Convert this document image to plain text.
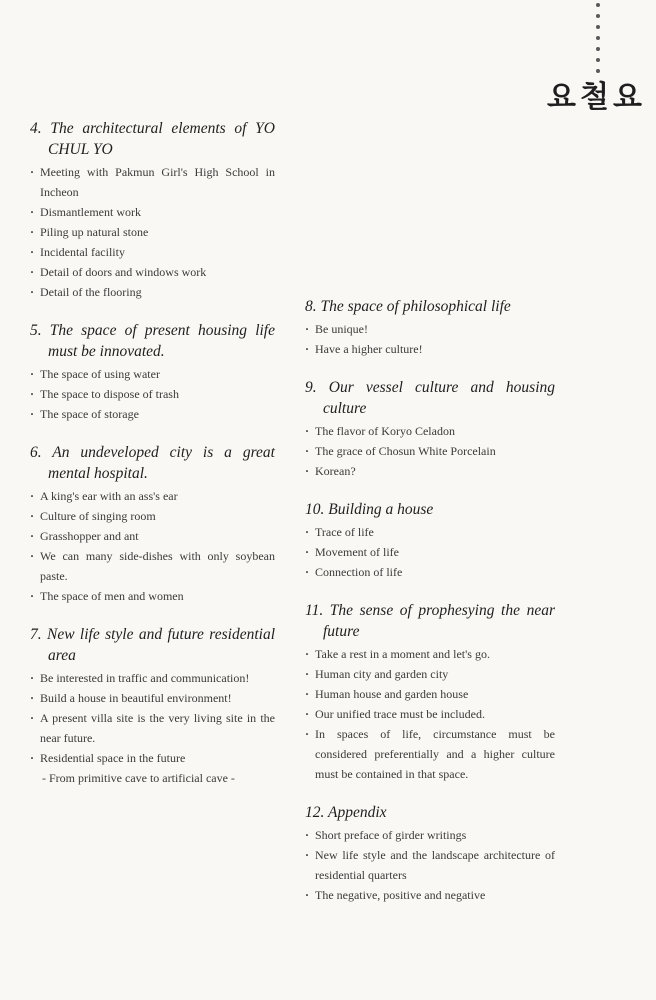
요철요

4. The architectural elements of YO CHUL YO

· Meeting with Pakmun Girl's High School in Incheon
· Dismantlement work
· Piling up natural stone
· Incidental facility
· Detail of doors and windows work
· Detail of the flooring

5. The space of present housing life must be innovated.

· The space of using water
· The space to dispose of trash
· The space of storage

6. An undeveloped city is a great mental hospital.

· A king's ear with an ass's ear
· Culture of singing room
· Grasshopper and ant
· We can many side-dishes with only soybean paste.
· The space of men and women

7. New life style and future residential area

· Be interested in traffic and communication!
· Build a house in beautiful environment!
· A present villa site is the very living site in the near future.
· Residential space in the future
- From primitive cave to artificial cave -

8. The space of philosophical life

· Be unique!
· Have a higher culture!

9. Our vessel culture and housing culture

· The flavor of Koryo Celadon
· The grace of Chosun White Porcelain
· Korean?

10. Building a house

· Trace of life
· Movement of life
· Connection of life

11. The sense of prophesying the near future

· Take a rest in a moment and let's go.
· Human city and garden city
· Human house and garden house
· Our unified trace must be included.
· In spaces of life, circumstance must be considered preferentially and a higher culture must be contained in that space.

12. Appendix

· Short preface of girder writings
· New life style and the landscape architecture of residential quarters
· The negative, positive and negative
